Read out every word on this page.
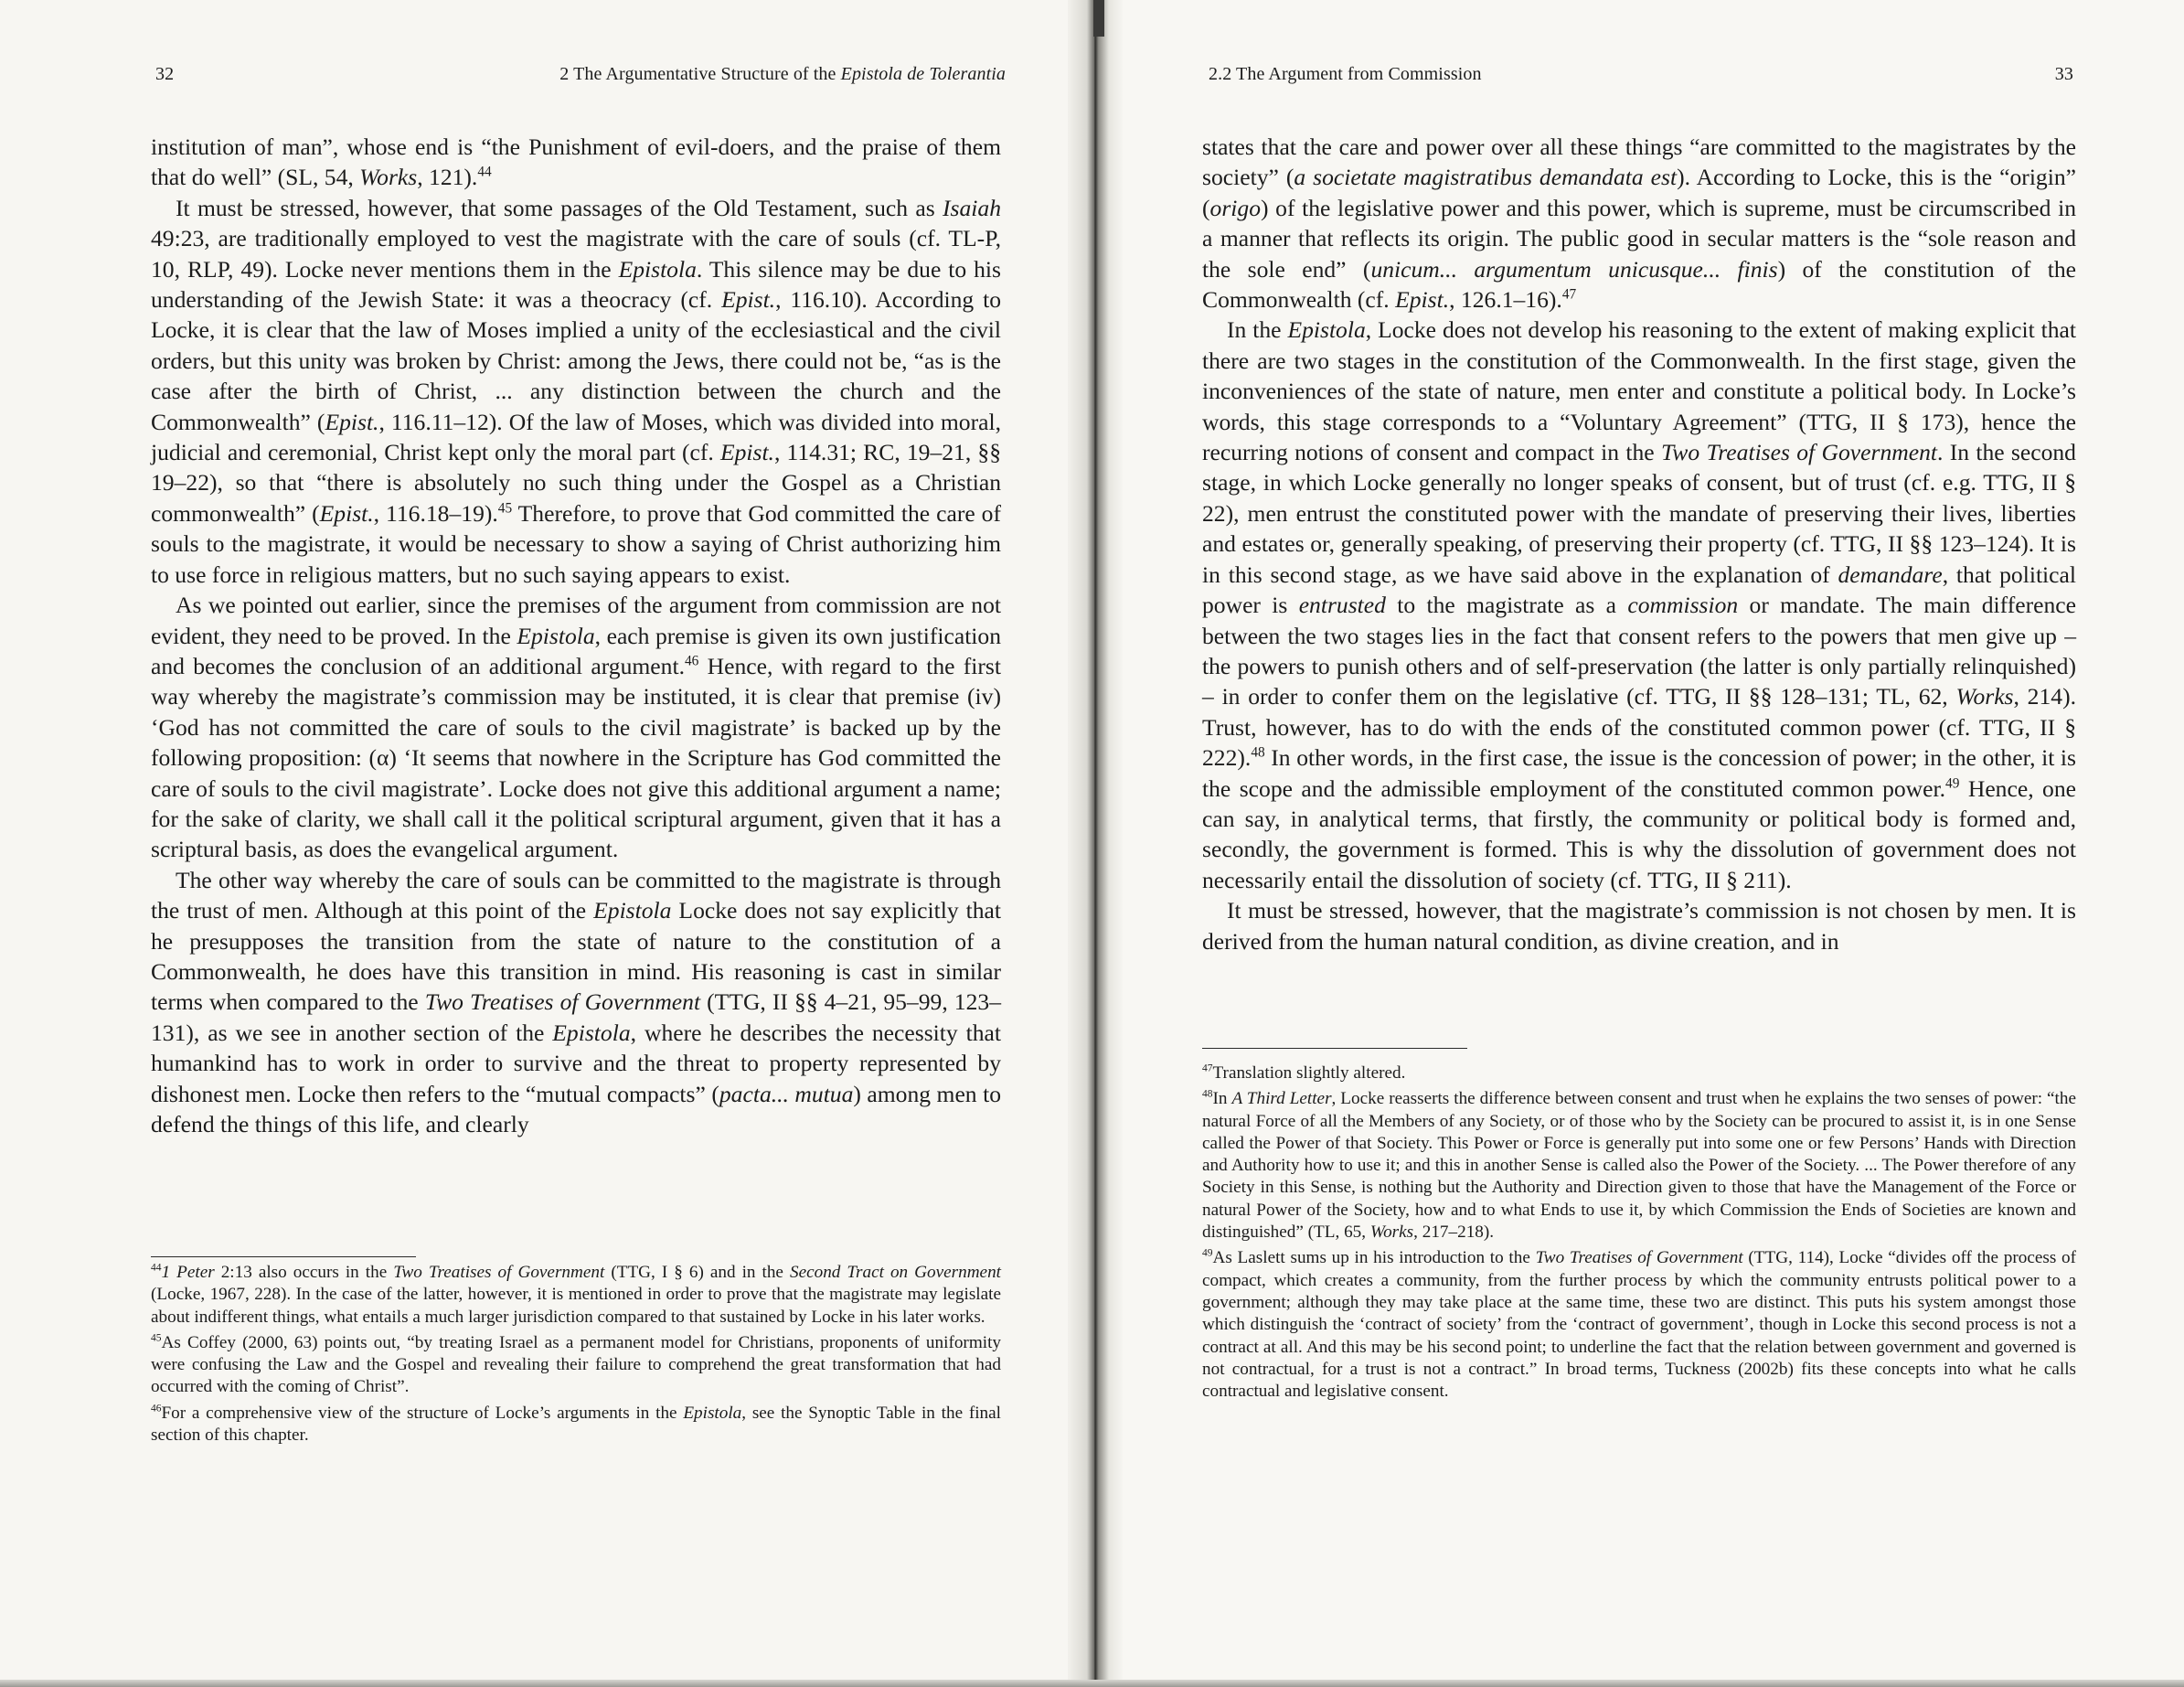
32	2 The Argumentative Structure of the Epistola de Tolerantia

institution of man”, whose end is “the Punishment of evil-doers, and the praise of them that do well” (SL, 54, Works, 121).$^{44}$

It must be stressed, however, that some passages of the Old Testament, such as Isaiah 49:23, are traditionally employed to vest the magistrate with the care of souls (cf. TL-P, 10, RLP, 49). Locke never mentions them in the Epistola. This silence may be due to his understanding of the Jewish State: it was a theocracy (cf. Epist., 116.10). According to Locke, it is clear that the law of Moses implied a unity of the ecclesiastical and the civil orders, but this unity was broken by Christ: among the Jews, there could not be, “as is the case after the birth of Christ, ... any distinction between the church and the Commonwealth” (Epist., 116.11–12). Of the law of Moses, which was divided into moral, judicial and ceremonial, Christ kept only the moral part (cf. Epist., 114.31; RC, 19–21, §§ 19–22), so that “there is absolutely no such thing under the Gospel as a Christian commonwealth” (Epist., 116.18–19).$^{45}$ Therefore, to prove that God committed the care of souls to the magistrate, it would be necessary to show a saying of Christ authorizing him to use force in religious matters, but no such saying appears to exist.

As we pointed out earlier, since the premises of the argument from commission are not evident, they need to be proved. In the Epistola, each premise is given its own justification and becomes the conclusion of an additional argument.$^{46}$ Hence, with regard to the first way whereby the magistrate’s commission may be instituted, it is clear that premise (iv) ‘God has not committed the care of souls to the civil magistrate’ is backed up by the following proposition: (α) ‘It seems that nowhere in the Scripture has God committed the care of souls to the civil magistrate’. Locke does not give this additional argument a name; for the sake of clarity, we shall call it the political scriptural argument, given that it has a scriptural basis, as does the evangelical argument.

The other way whereby the care of souls can be committed to the magistrate is through the trust of men. Although at this point of the Epistola Locke does not say explicitly that he presupposes the transition from the state of nature to the constitution of a Commonwealth, he does have this transition in mind. His reasoning is cast in similar terms when compared to the Two Treatises of Government (TTG, II §§ 4–21, 95–99, 123–131), as we see in another section of the Epistola, where he describes the necessity that humankind has to work in order to survive and the threat to property represented by dishonest men. Locke then refers to the “mutual compacts” (pacta... mutua) among men to defend the things of this life, and clearly

$^{44}$1 Peter 2:13 also occurs in the Two Treatises of Government (TTG, I § 6) and in the Second Tract on Government (Locke, 1967, 228). In the case of the latter, however, it is mentioned in order to prove that the magistrate may legislate about indifferent things, what entails a much larger jurisdiction compared to that sustained by Locke in his later works.

$^{45}$As Coffey (2000, 63) points out, “by treating Israel as a permanent model for Christians, proponents of uniformity were confusing the Law and the Gospel and revealing their failure to comprehend the great transformation that had occurred with the coming of Christ”.

$^{46}$For a comprehensive view of the structure of Locke’s arguments in the Epistola, see the Synoptic Table in the final section of this chapter.

2.2 The Argument from Commission	33

states that the care and power over all these things “are committed to the magistrates by the society” (a societate magistratibus demandata est). According to Locke, this is the “origin” (origo) of the legislative power and this power, which is supreme, must be circumscribed in a manner that reflects its origin. The public good in secular matters is the “sole reason and the sole end” (unicum... argumentum unicusque... finis) of the constitution of the Commonwealth (cf. Epist., 126.1–16).$^{47}$

In the Epistola, Locke does not develop his reasoning to the extent of making explicit that there are two stages in the constitution of the Commonwealth. In the first stage, given the inconveniences of the state of nature, men enter and constitute a political body. In Locke’s words, this stage corresponds to a “Voluntary Agreement” (TTG, II § 173), hence the recurring notions of consent and compact in the Two Treatises of Government. In the second stage, in which Locke generally no longer speaks of consent, but of trust (cf. e.g. TTG, II § 22), men entrust the constituted power with the mandate of preserving their lives, liberties and estates or, generally speaking, of preserving their property (cf. TTG, II §§ 123–124). It is in this second stage, as we have said above in the explanation of demandare, that political power is entrusted to the magistrate as a commission or mandate. The main difference between the two stages lies in the fact that consent refers to the powers that men give up – the powers to punish others and of self-preservation (the latter is only partially relinquished) – in order to confer them on the legislative (cf. TTG, II §§ 128–131; TL, 62, Works, 214). Trust, however, has to do with the ends of the constituted common power (cf. TTG, II § 222).$^{48}$ In other words, in the first case, the issue is the concession of power; in the other, it is the scope and the admissible employment of the constituted common power.$^{49}$ Hence, one can say, in analytical terms, that firstly, the community or political body is formed and, secondly, the government is formed. This is why the dissolution of government does not necessarily entail the dissolution of society (cf. TTG, II § 211).

It must be stressed, however, that the magistrate’s commission is not chosen by men. It is derived from the human natural condition, as divine creation, and in

$^{47}$Translation slightly altered.

$^{48}$In A Third Letter, Locke reasserts the difference between consent and trust when he explains the two senses of power: “the natural Force of all the Members of any Society, or of those who by the Society can be procured to assist it, is in one Sense called the Power of that Society. This Power or Force is generally put into some one or few Persons’ Hands with Direction and Authority how to use it; and this in another Sense is called also the Power of the Society. ... The Power therefore of any Society in this Sense, is nothing but the Authority and Direction given to those that have the Management of the Force or natural Power of the Society, how and to what Ends to use it, by which Commission the Ends of Societies are known and distinguished” (TL, 65, Works, 217–218).

$^{49}$As Laslett sums up in his introduction to the Two Treatises of Government (TTG, 114), Locke “divides off the process of compact, which creates a community, from the further process by which the community entrusts political power to a government; although they may take place at the same time, these two are distinct. This puts his system amongst those which distinguish the ‘contract of society’ from the ‘contract of government’, though in Locke this second process is not a contract at all. And this may be his second point; to underline the fact that the relation between government and governed is not contractual, for a trust is not a contract.” In broad terms, Tuckness (2002b) fits these concepts into what he calls contractual and legislative consent.
